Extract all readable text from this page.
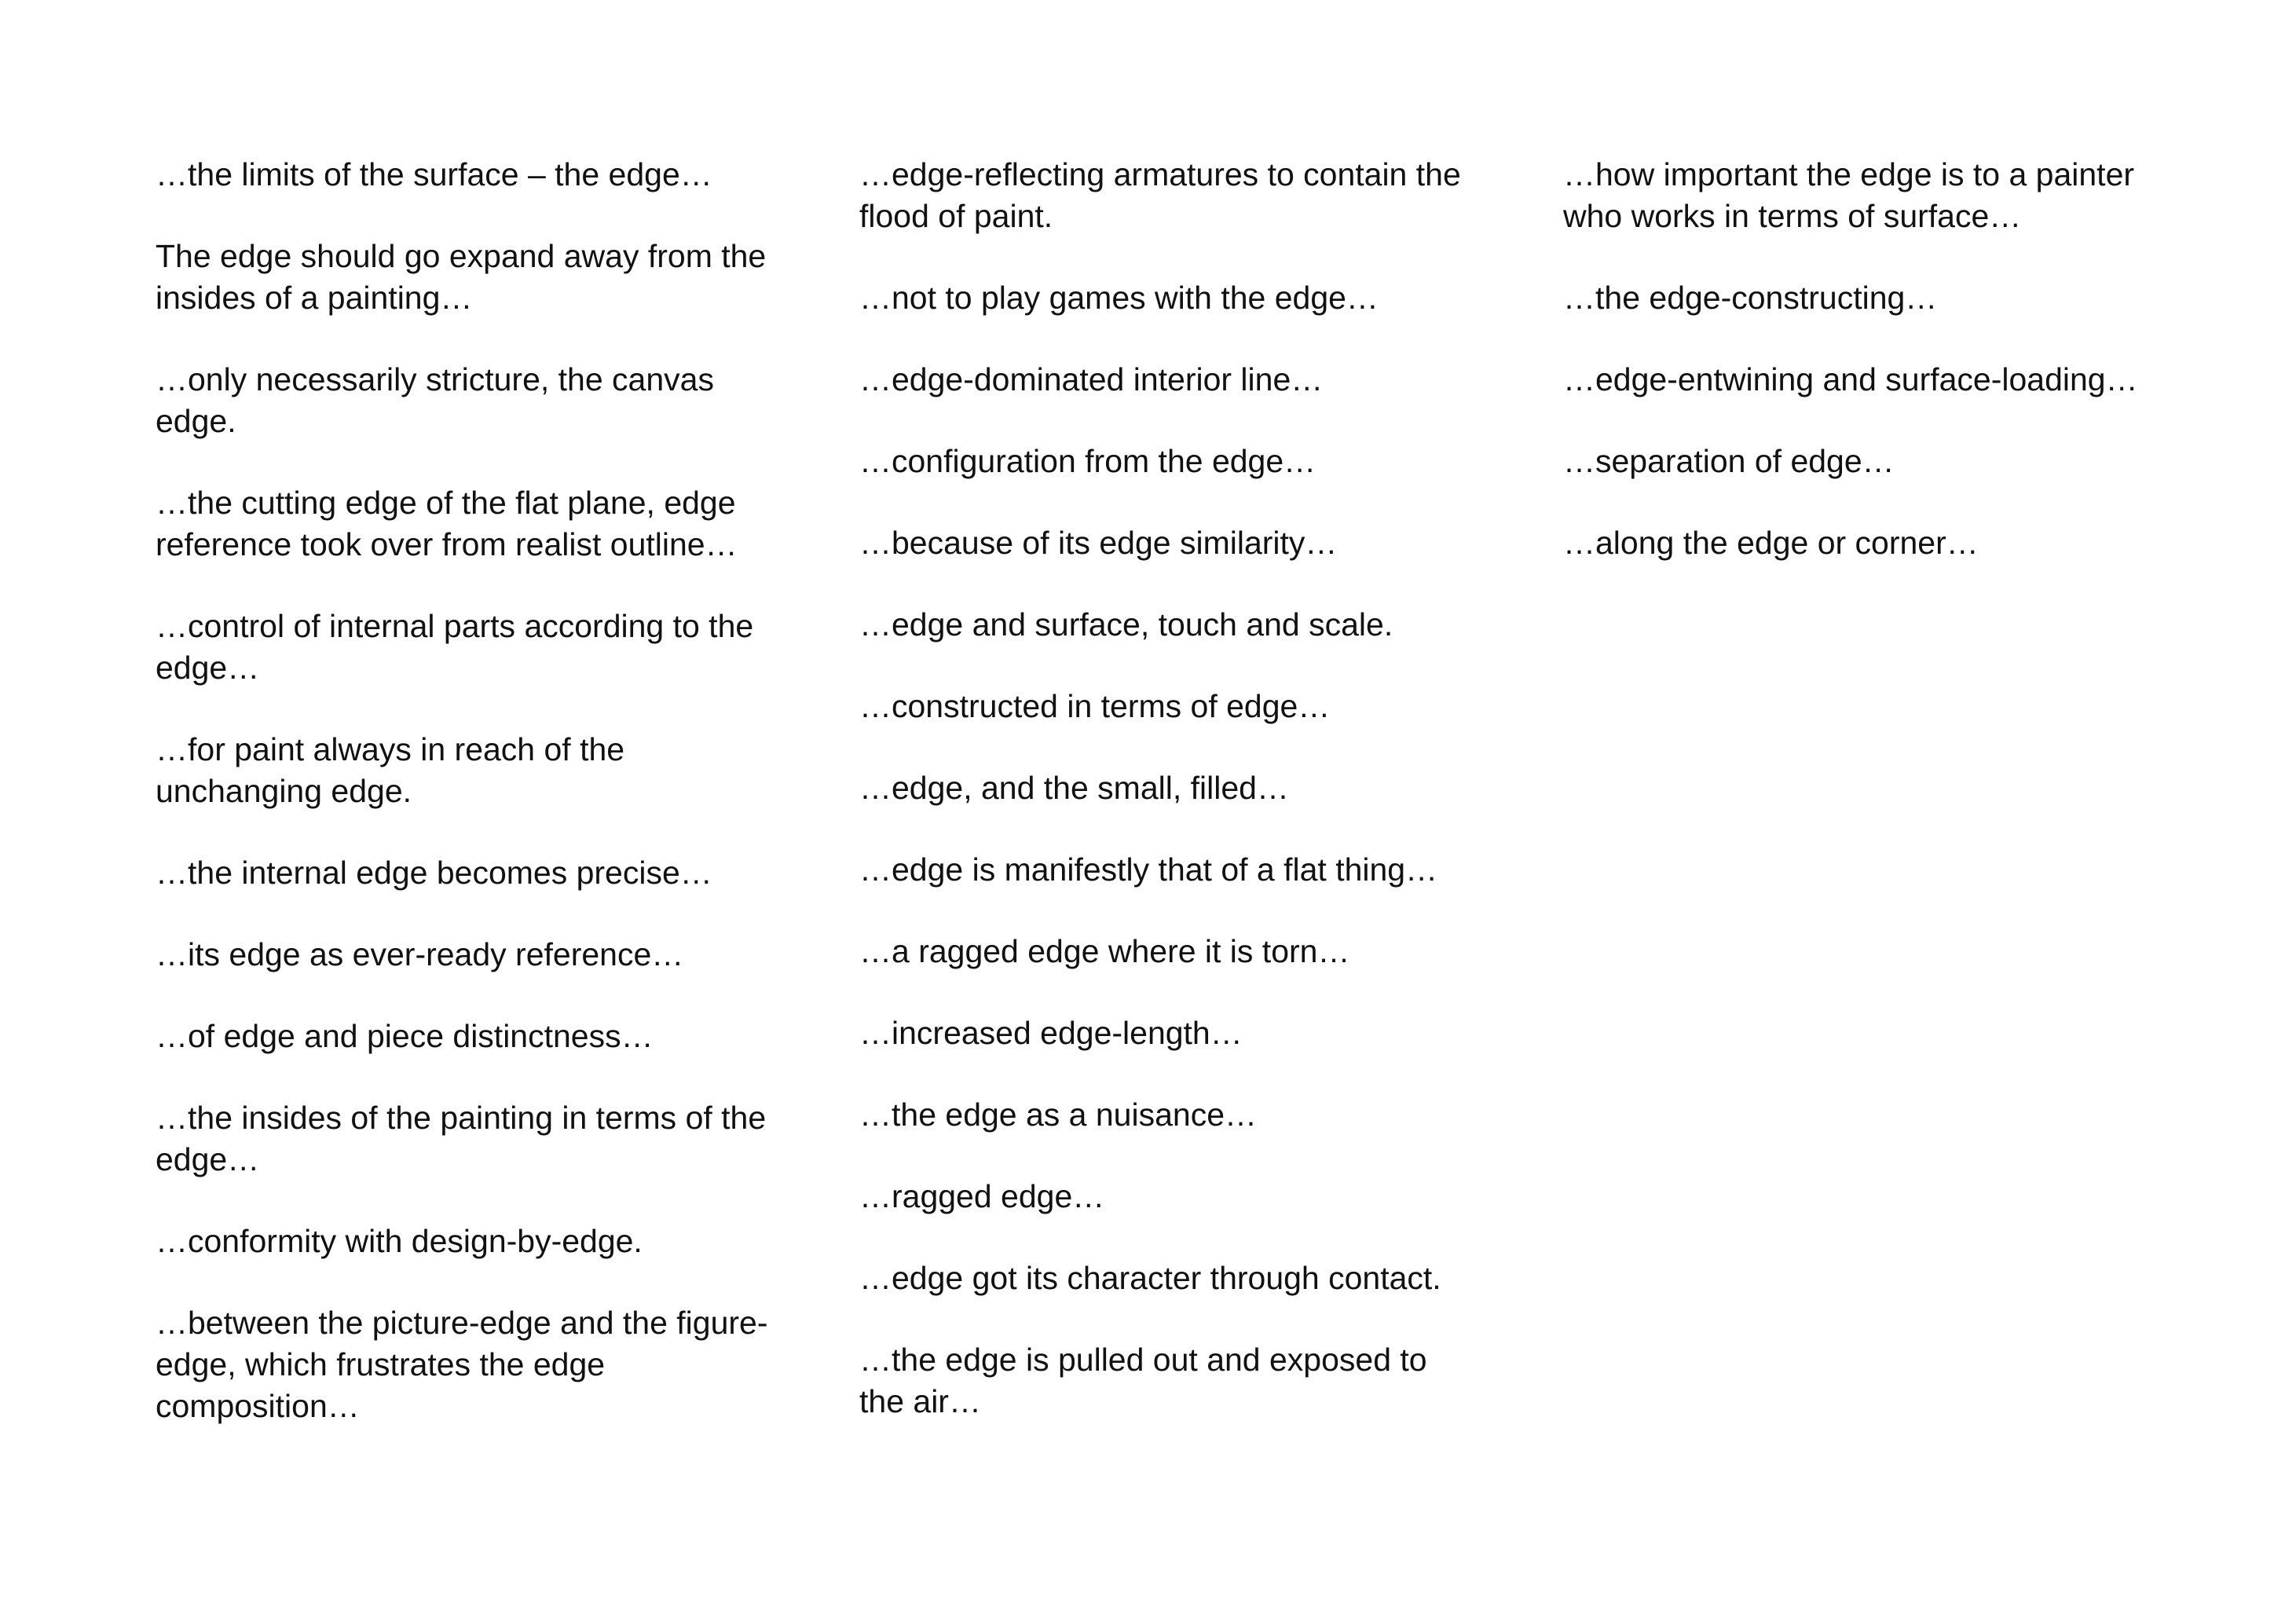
…the limits of the surface – the edge…

The edge should go expand away from the insides of a painting…

…only necessarily stricture, the canvas edge.

…the cutting edge of the flat plane, edge reference took over from realist outline…

…control of internal parts according to the edge…

…for paint always in reach of the unchanging edge.

…the internal edge becomes precise…

…its edge as ever-ready reference…

…of edge and piece distinctness…

…the insides of the painting in terms of the edge…

…conformity with design-by-edge.

…between the picture-edge and the figure-edge, which frustrates the edge composition…

…edge-reflecting armatures to contain the flood of paint.

…not to play games with the edge…

…edge-dominated interior line…

…configuration from the edge…

…because of its edge similarity…

…edge and surface, touch and scale.

…constructed in terms of edge…

…edge, and the small, filled…

…edge is manifestly that of a flat thing…

…a ragged edge where it is torn…

…increased edge-length…

…the edge as a nuisance…

…ragged edge…

…edge got its character through contact.

…the edge is pulled out and exposed to the air…

…how important the edge is to a painter who works in terms of surface…

…the edge-constructing…

…edge-entwining and surface-loading…

…separation of edge…

…along the edge or corner…
